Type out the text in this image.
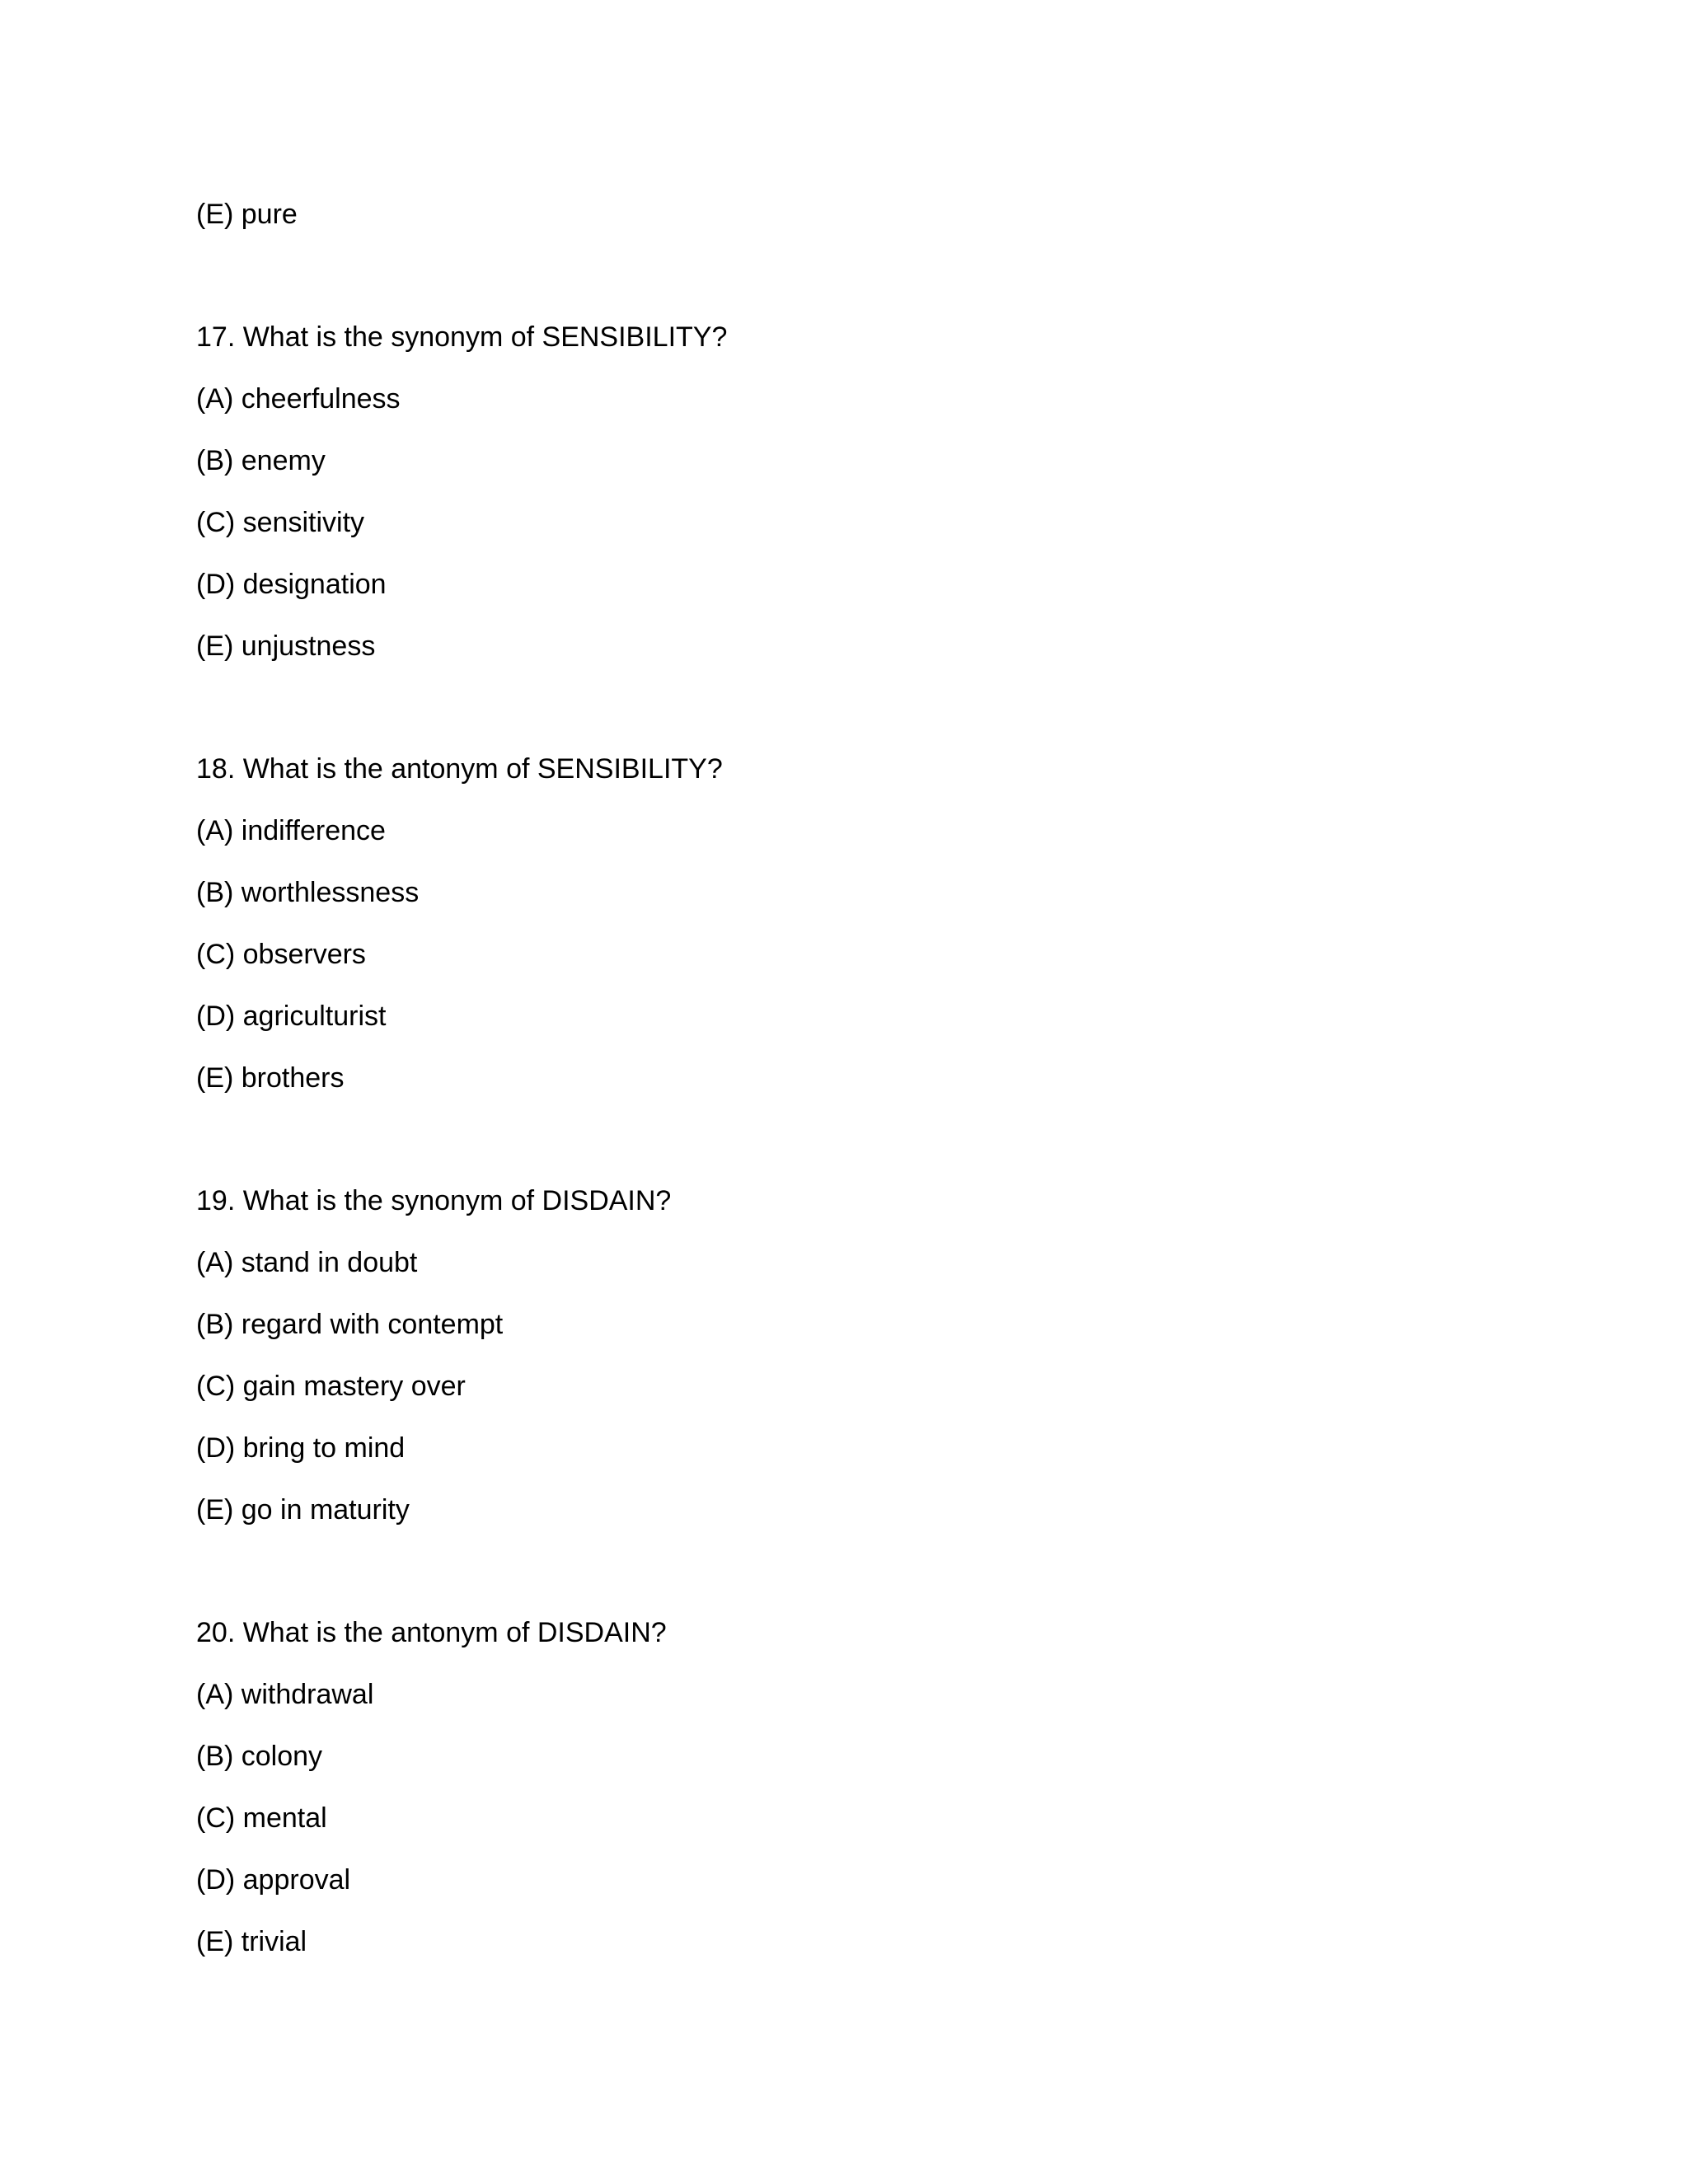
(E) pure
17. What is the synonym of SENSIBILITY?
(A) cheerfulness
(B) enemy
(C) sensitivity
(D) designation
(E) unjustness
18. What is the antonym of SENSIBILITY?
(A) indifference
(B) worthlessness
(C) observers
(D) agriculturist
(E) brothers
19. What is the synonym of DISDAIN?
(A) stand in doubt
(B) regard with contempt
(C) gain mastery over
(D) bring to mind
(E) go in maturity
20. What is the antonym of DISDAIN?
(A) withdrawal
(B) colony
(C) mental
(D) approval
(E) trivial
